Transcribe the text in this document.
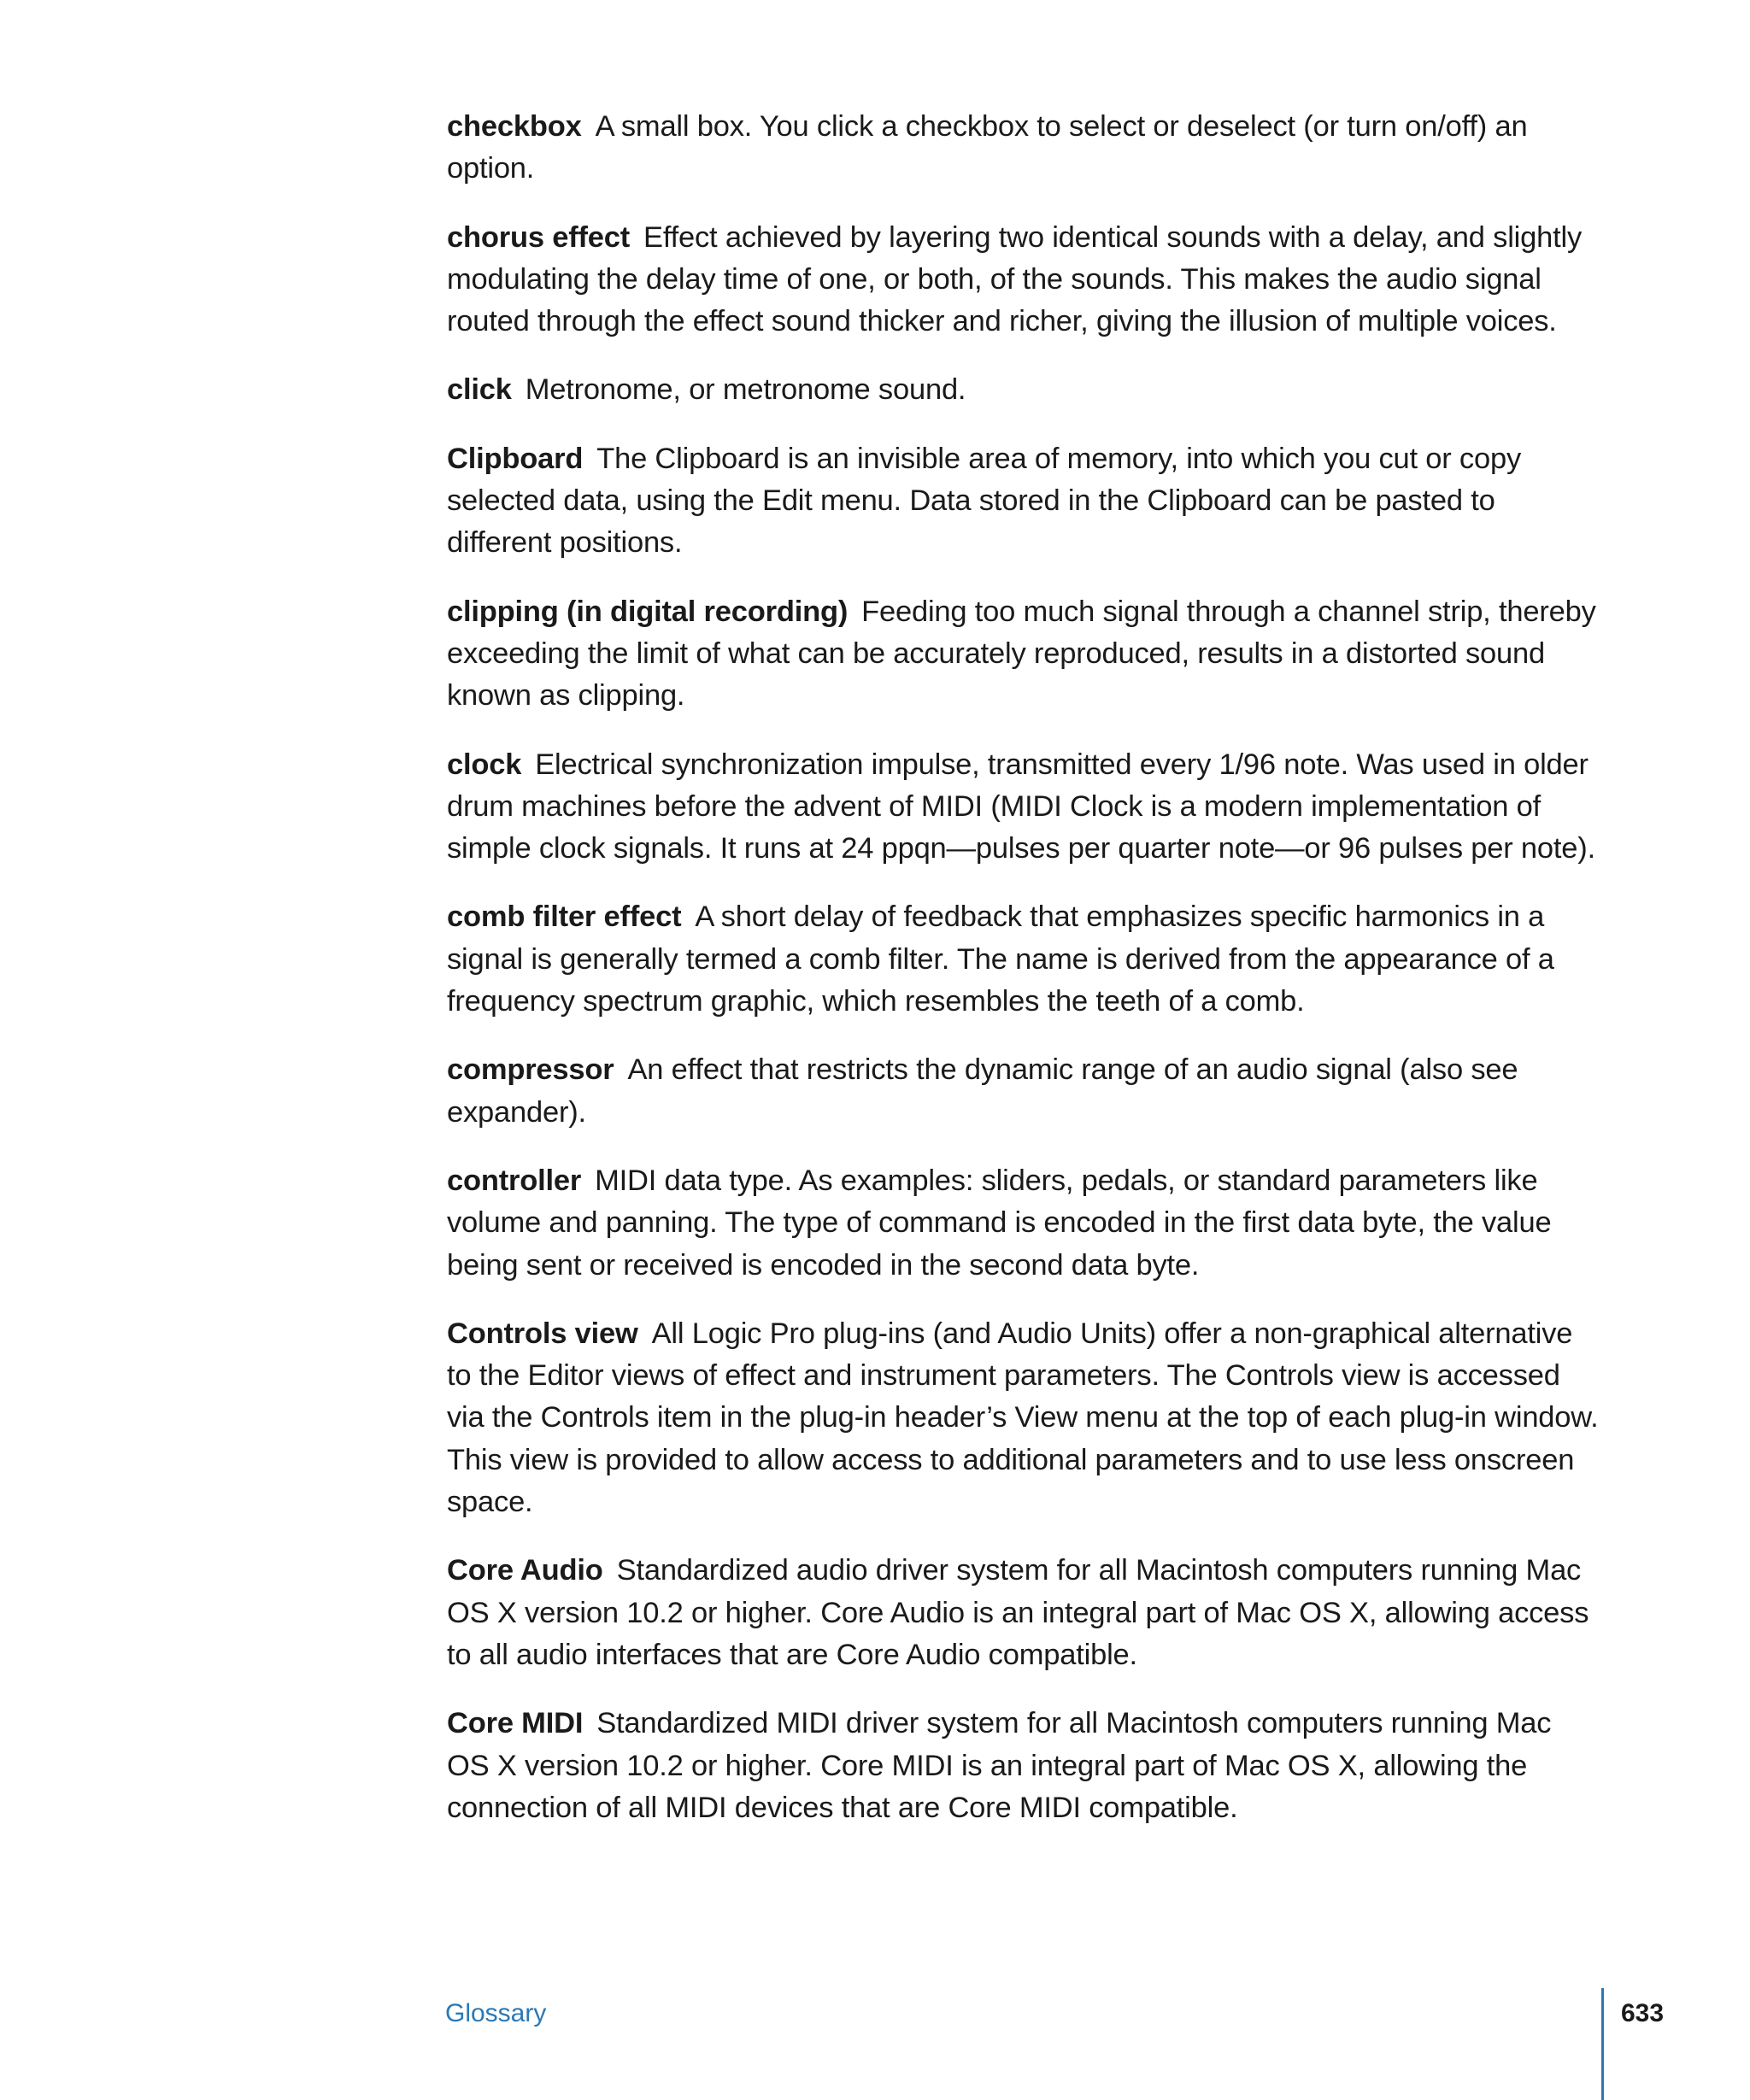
checkbox A small box. You click a checkbox to select or deselect (or turn on/off) an option.

chorus effect Effect achieved by layering two identical sounds with a delay, and slightly modulating the delay time of one, or both, of the sounds. This makes the audio signal routed through the effect sound thicker and richer, giving the illusion of multiple voices.

click Metronome, or metronome sound.

Clipboard The Clipboard is an invisible area of memory, into which you cut or copy selected data, using the Edit menu. Data stored in the Clipboard can be pasted to different positions.

clipping (in digital recording) Feeding too much signal through a channel strip, thereby exceeding the limit of what can be accurately reproduced, results in a distorted sound known as clipping.

clock Electrical synchronization impulse, transmitted every 1/96 note. Was used in older drum machines before the advent of MIDI (MIDI Clock is a modern implementation of simple clock signals. It runs at 24 ppqn—pulses per quarter note—or 96 pulses per note).

comb filter effect A short delay of feedback that emphasizes specific harmonics in a signal is generally termed a comb filter. The name is derived from the appearance of a frequency spectrum graphic, which resembles the teeth of a comb.

compressor An effect that restricts the dynamic range of an audio signal (also see expander).

controller MIDI data type. As examples: sliders, pedals, or standard parameters like volume and panning. The type of command is encoded in the first data byte, the value being sent or received is encoded in the second data byte.

Controls view All Logic Pro plug-ins (and Audio Units) offer a non-graphical alternative to the Editor views of effect and instrument parameters. The Controls view is accessed via the Controls item in the plug-in header’s View menu at the top of each plug-in window. This view is provided to allow access to additional parameters and to use less onscreen space.

Core Audio Standardized audio driver system for all Macintosh computers running Mac OS X version 10.2 or higher. Core Audio is an integral part of Mac OS X, allowing access to all audio interfaces that are Core Audio compatible.

Core MIDI Standardized MIDI driver system for all Macintosh computers running Mac OS X version 10.2 or higher. Core MIDI is an integral part of Mac OS X, allowing the connection of all MIDI devices that are Core MIDI compatible.

Glossary	633
